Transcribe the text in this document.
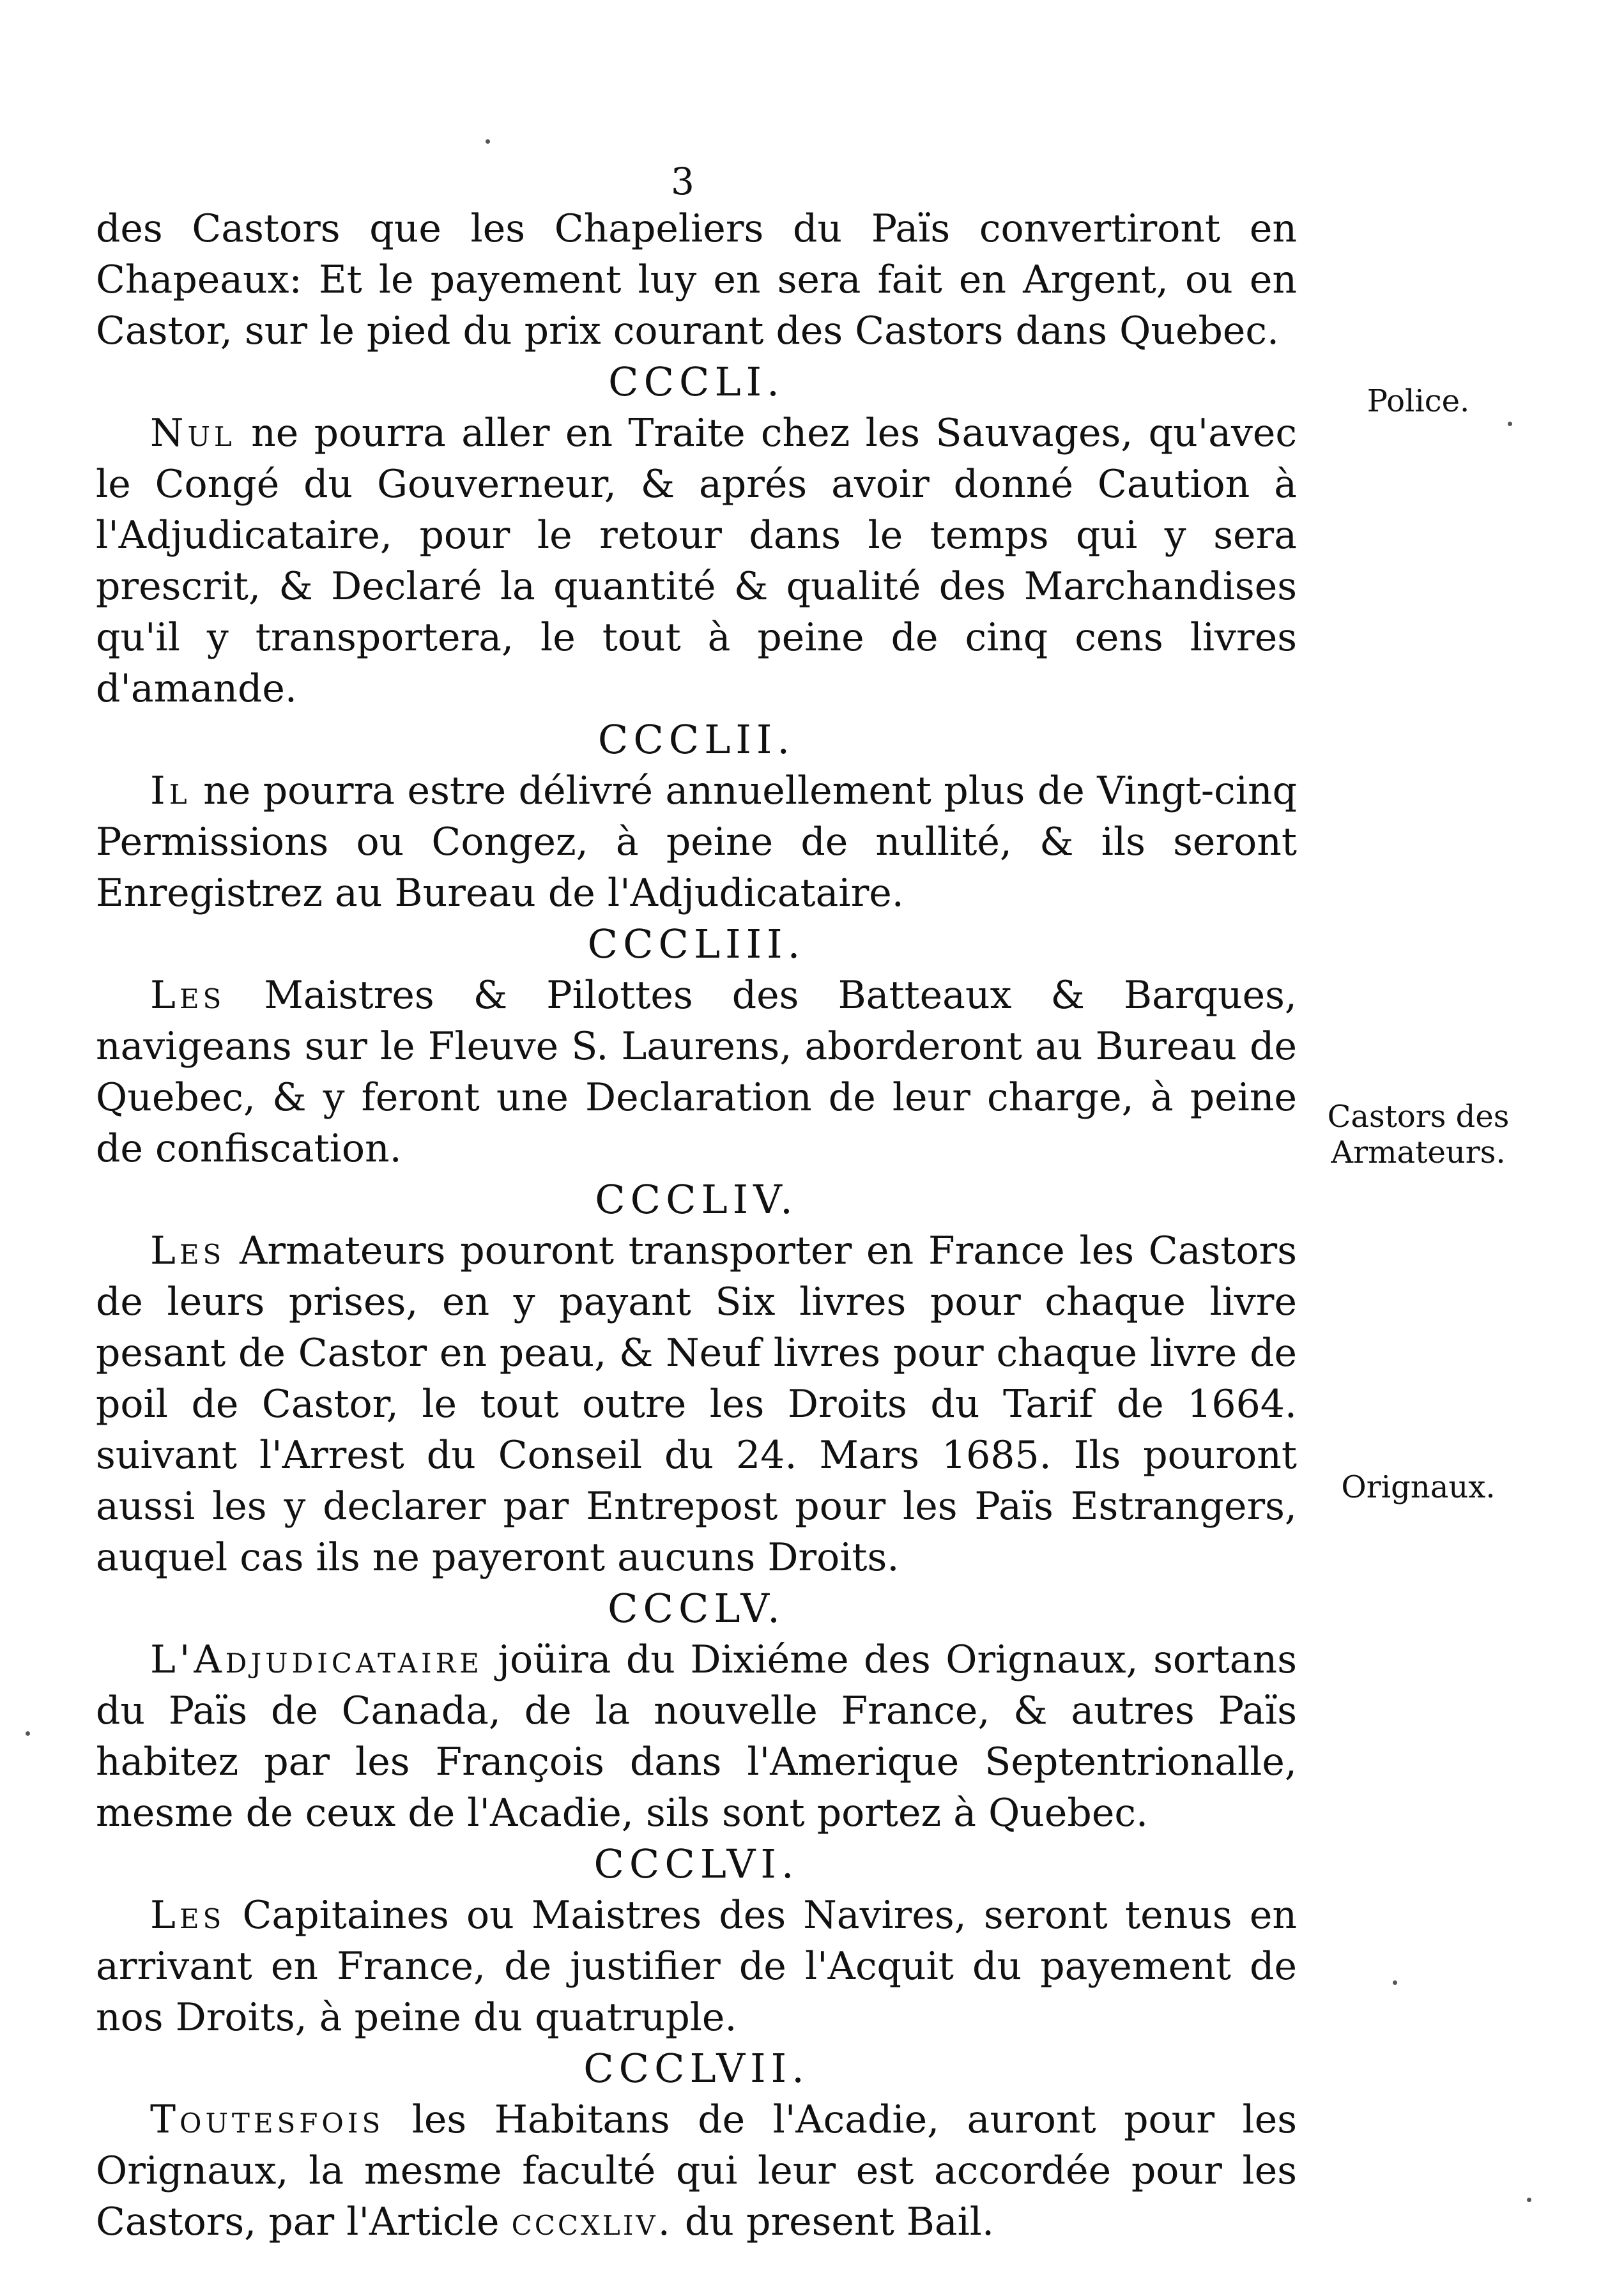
3

des Castors que les Chapeliers du Païs convertiront en Chapeaux: Et le payement luy en sera fait en Argent, ou en Castor, sur le pied du prix courant des Castors dans Quebec.

CCCLI.

Nul ne pourra aller en Traite chez les Sauvages, qu'avec le Congé du Gouverneur, & aprés avoir donné Caution à l'Adjudicataire, pour le retour dans le temps qui y sera prescrit, & Declaré la quantité & qualité des Marchandises qu'il y transportera, le tout à peine de cinq cens livres d'amande.

CCCLII.

Il ne pourra estre délivré annuellement plus de Vingt-cinq Permissions ou Congez, à peine de nullité, & ils seront Enregistrez au Bureau de l'Adjudicataire.

CCCLIII.

Les Maistres & Pilottes des Batteaux & Barques, navigeans sur le Fleuve S. Laurens, aborderont au Bureau de Quebec, & y feront une Declaration de leur charge, à peine de confiscation.

CCCLIV.

Les Armateurs pouront transporter en France les Castors de leurs prises, en y payant Six livres pour chaque livre pesant de Castor en peau, & Neuf livres pour chaque livre de poil de Castor, le tout outre les Droits du Tarif de 1664. suivant l'Arrest du Conseil du 24. Mars 1685. Ils pouront aussi les y declarer par Entrepost pour les Païs Estrangers, auquel cas ils ne payeront aucuns Droits.

CCCLV.

L'Adjudicataire joüira du Dixiéme des Orignaux, sortans du Païs de Canada, de la nouvelle France, & autres Païs habitez par les François dans l'Amerique Septentrionalle, mesme de ceux de l'Acadie, sils sont portez à Quebec.

CCCLVI.

Les Capitaines ou Maistres des Navires, seront tenus en arrivant en France, de justifier de l'Acquit du payement de nos Droits, à peine du quatruple.

CCCLVII.

Toutesfois les Habitans de l'Acadie, auront pour les Orignaux, la mesme faculté qui leur est accordée pour les Castors, par l'Article cccxliv. du present Bail.

Police.
Castors des Armateurs.
Orignaux.
